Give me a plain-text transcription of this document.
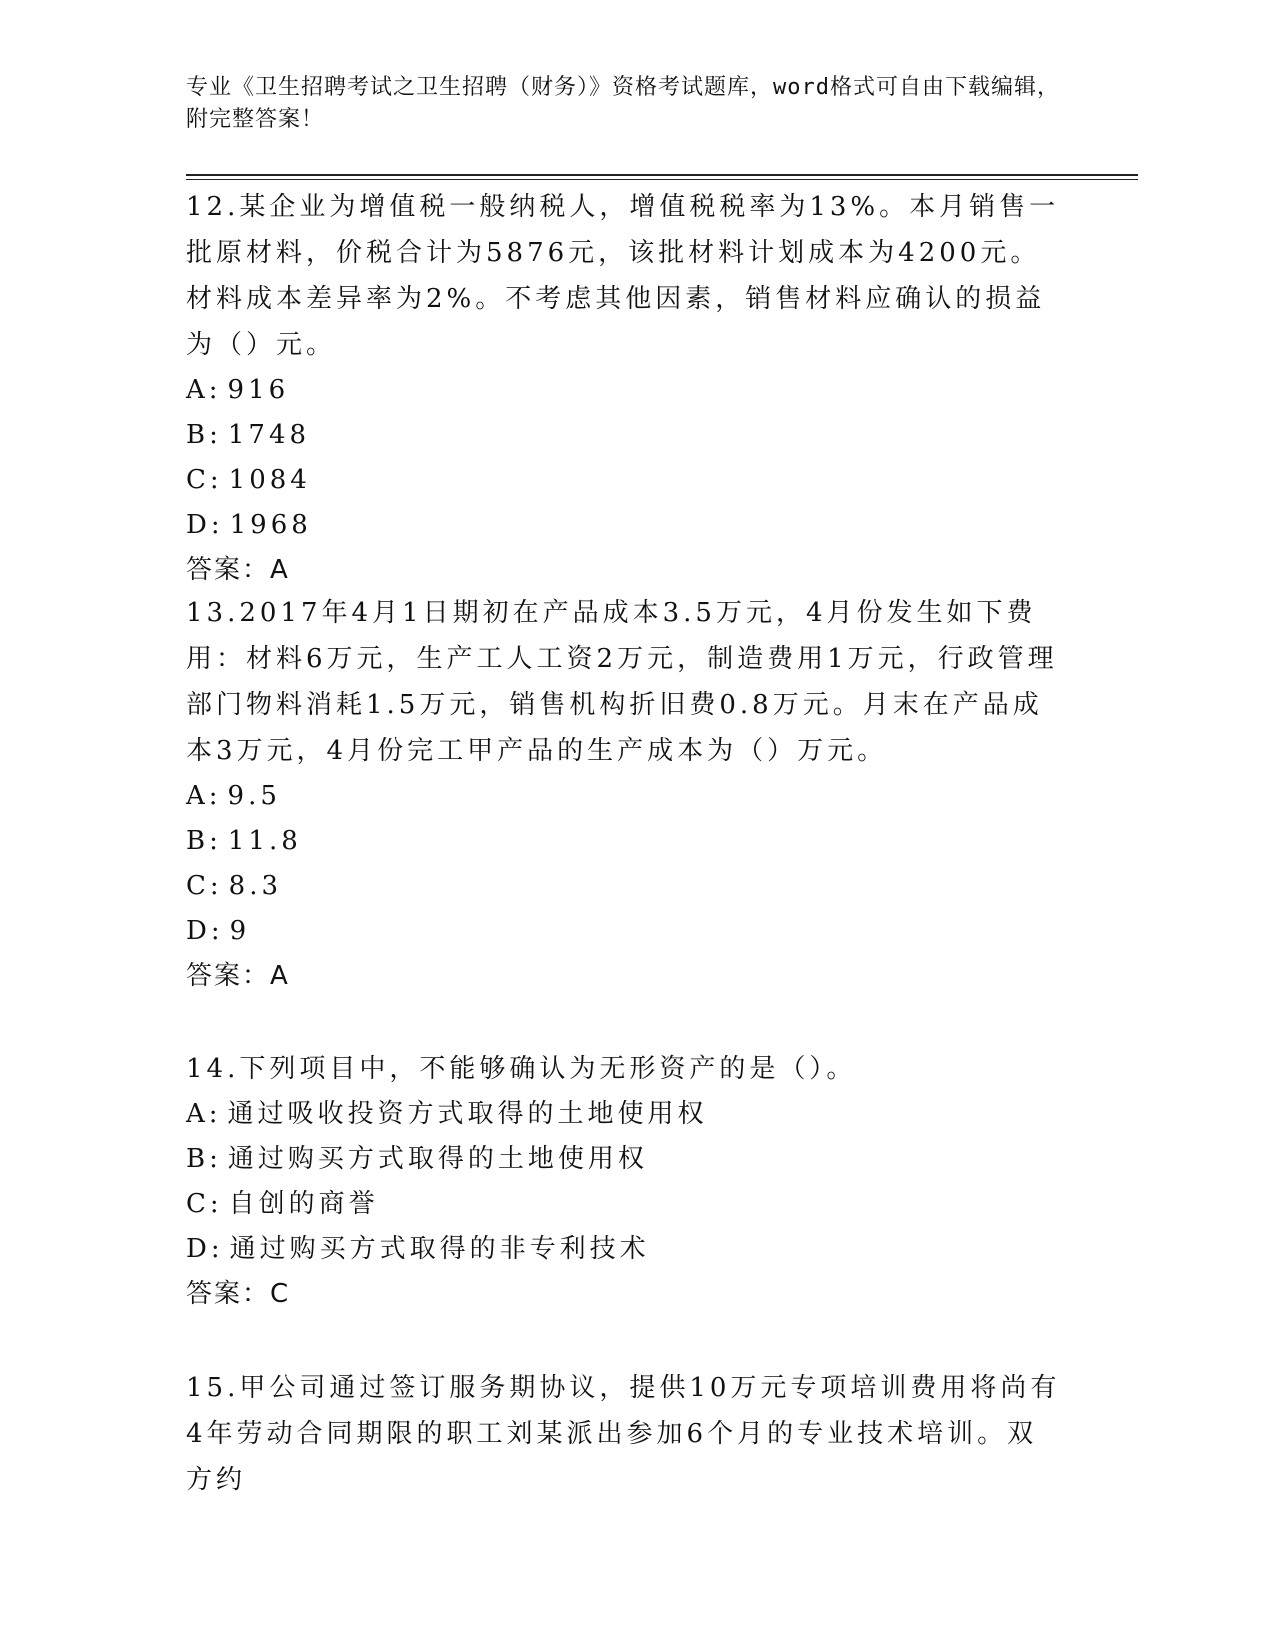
专业《卫生招聘考试之卫生招聘（财务）》资格考试题库，word格式可自由下载编辑，附完整答案！

12.某企业为增值税一般纳税人，增值税税率为13%。本月销售一批原材料，价税合计为5876元，该批材料计划成本为4200元。材料成本差异率为2%。不考虑其他因素，销售材料应确认的损益为（）元。

A: 916

B: 1748

C: 1084

D: 1968

答案：A

13.2017年4月1日期初在产品成本3.5万元，4月份发生如下费用：材料6万元，生产工人工资2万元，制造费用1万元，行政管理部门物料消耗1.5万元，销售机构折旧费0.8万元。月末在产品成本3万元，4月份完工甲产品的生产成本为（）万元。

A: 9.5

B: 11.8

C: 8.3

D: 9

答案：A

14.下列项目中，不能够确认为无形资产的是（）。

A: 通过吸收投资方式取得的土地使用权

B: 通过购买方式取得的土地使用权

C: 自创的商誉

D: 通过购买方式取得的非专利技术

答案：C

15.甲公司通过签订服务期协议，提供10万元专项培训费用将尚有4年劳动合同期限的职工刘某派出参加6个月的专业技术培训。双方约
